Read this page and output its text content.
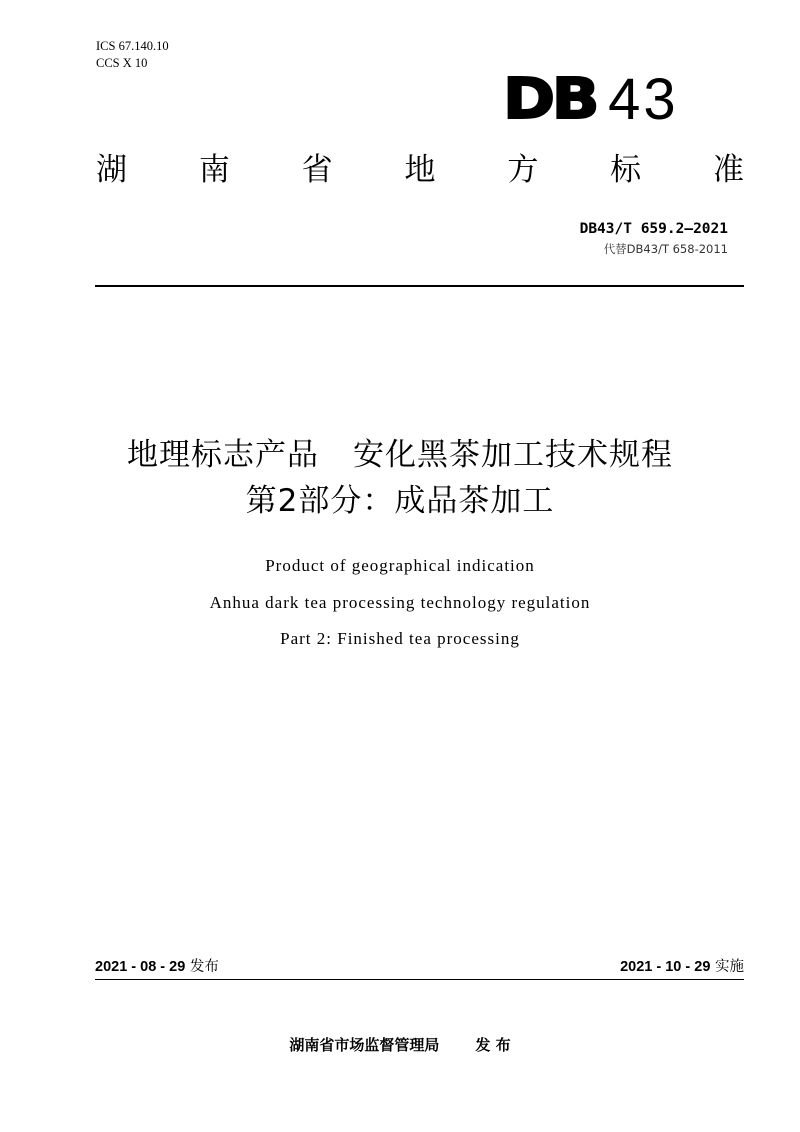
ICS 67.140.10
CCS X 10
DB 43
湖 南 省 地 方 标 准
DB43/T 659.2—2021
代替DB43/T 658-2011
地理标志产品 安化黑茶加工技术规程
第2部分：成品茶加工
Product of geographical indication
Anhua dark tea processing technology regulation
Part 2: Finished tea processing
2021 - 08 - 29 发布	2021 - 10 - 29 实施
湖南省市场监督管理局 发 布
